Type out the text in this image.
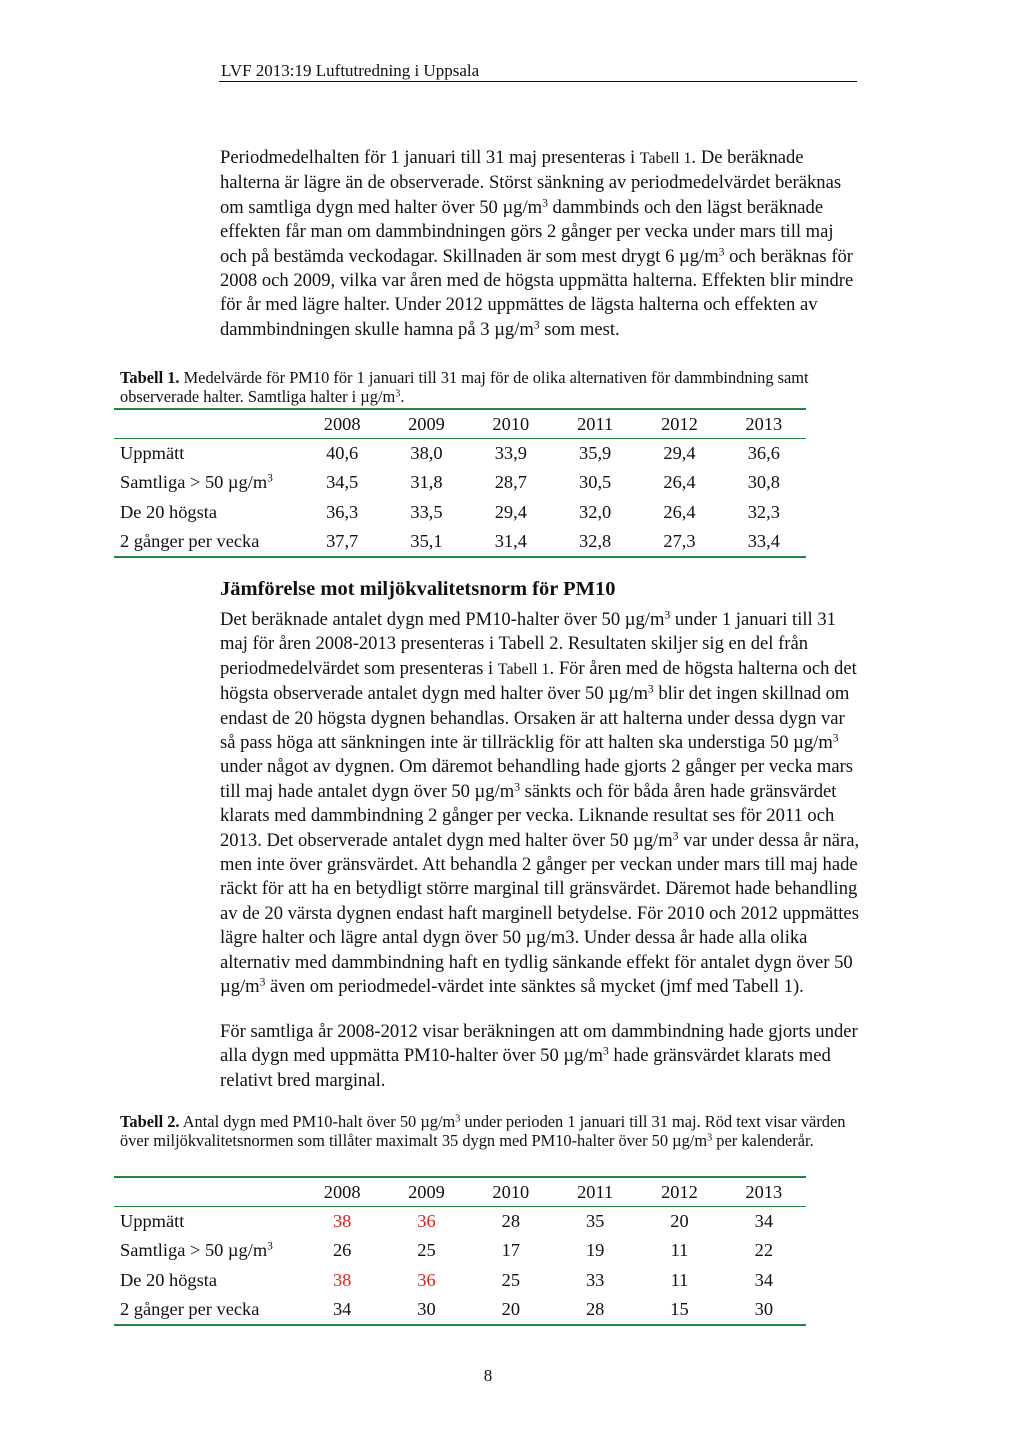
LVF 2013:19 Luftutredning i Uppsala

Periodmedelhalten för 1 januari till 31 maj presenteras i Tabell 1. De beräknade halterna är lägre än de observerade. Störst sänkning av periodmedelvärdet beräknas om samtliga dygn med halter över 50 $\mu g/m^3$ dammbinds och den lägst beräknade effekten får man om dammbindningen görs 2 gånger per vecka under mars till maj och på bestämda veckodagar. Skillnaden är som mest drygt 6 $\mu g/m^3$ och beräknas för 2008 och 2009, vilka var åren med de högsta uppmätta halterna. Effekten blir mindre för år med lägre halter. Under 2012 uppmättes de lägsta halterna och effekten av dammbindningen skulle hamna på 3 $\mu g/m^3$ som mest.

Tabell 1. Medelvärde för PM10 för 1 januari till 31 maj för de olika alternativen för dammbindning samt observerade halter. Samtliga halter i $\mu g/m^3$.

	2008	2009	2010	2011	2012	2013
Uppmätt	40,6	38,0	33,9	35,9	29,4	36,6
Samtliga > 50 $\mu g/m^3$	34,5	31,8	28,7	30,5	26,4	30,8
De 20 högsta	36,3	33,5	29,4	32,0	26,4	32,3
2 gånger per vecka	37,7	35,1	31,4	32,8	27,3	33,4
Jämförelse mot miljökvalitetsnorm för PM10

Det beräknade antalet dygn med PM10-halter över 50 $\mu g/m^3$ under 1 januari till 31 maj för åren 2008-2013 presenteras i Tabell 2. Resultaten skiljer sig en del från periodmedelvärdet som presenteras i Tabell 1. För åren med de högsta halterna och det högsta observerade antalet dygn med halter över 50 $\mu g/m^3$ blir det ingen skillnad om endast de 20 högsta dygnen behandlas. Orsaken är att halterna under dessa dygn var så pass höga att sänkningen inte är tillräcklig för att halten ska understiga 50 $\mu g/m^3$ under något av dygnen. Om däremot behandling hade gjorts 2 gånger per vecka mars till maj hade antalet dygn över 50 $\mu g/m^3$ sänkts och för båda åren hade gränsvärdet klarats med dammbindning 2 gånger per vecka. Liknande resultat ses för 2011 och 2013. Det observerade antalet dygn med halter över 50 $\mu g/m^3$ var under dessa år nära, men inte över gränsvärdet. Att behandla 2 gånger per veckan under mars till maj hade räckt för att ha en betydligt större marginal till gränsvärdet. Däremot hade behandling av de 20 värsta dygnen endast haft marginell betydelse. För 2010 och 2012 uppmättes lägre halter och lägre antal dygn över 50 µg/m3. Under dessa år hade alla olika alternativ med dammbindning haft en tydlig sänkande effekt för antalet dygn över 50 $\mu g/m^3$ även om periodmedel-värdet inte sänktes så mycket (jmf med Tabell 1).

För samtliga år 2008-2012 visar beräkningen att om dammbindning hade gjorts under alla dygn med uppmätta PM10-halter över 50 $\mu g/m^3$ hade gränsvärdet klarats med relativt bred marginal.

Tabell 2. Antal dygn med PM10-halt över 50 $\mu g/m^3$ under perioden 1 januari till 31 maj. Röd text visar värden över miljökvalitetsnormen som tillåter maximalt 35 dygn med PM10-halter över 50 $\mu g/m^3$ per kalenderår.

	2008	2009	2010	2011	2012	2013
Uppmätt	38	36	28	35	20	34
Samtliga > 50 $\mu g/m^3$	26	25	17	19	11	22
De 20 högsta	38	36	25	33	11	34
2 gånger per vecka	34	30	20	28	15	30
8
